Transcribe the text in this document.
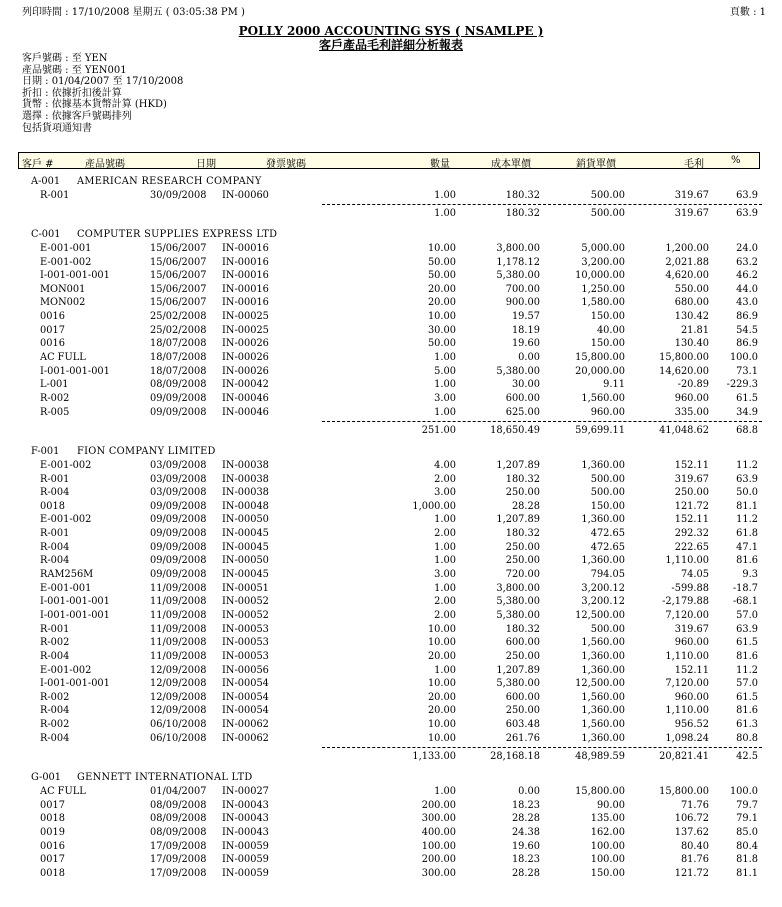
列印時間 : 17/10/2008 星期五 ( 03:05:38 PM )	頁數 : 1
POLLY 2000 ACCOUNTING SYS ( NSAMLPE )
客戶產品毛利詳細分析報表
客戶號碼 : 至 YEN
產品號碼 : 至 YEN001
日期 : 01/04/2007 至 17/10/2008
折扣 : 依據折扣後計算
貨幣 : 依據基本貨幣計算 (HKD)
選擇 : 依據客戶號碼排列
包括貨項通知書
客戶 #	產品號碼	日期	發票號碼	數量	成本單價	銷貨單價	毛利	%
A-001 AMERICAN RESEARCH COMPANY
R-001	30/09/2008 IN-00060	1.00	180.32	500.00	319.67	63.9
1.00	180.32	500.00	319.67	63.9
C-001 COMPUTER SUPPLIES EXPRESS LTD
E-001-001	15/06/2007 IN-00016	10.00	3,800.00	5,000.00	1,200.00	24.0
E-001-002	15/06/2007 IN-00016	50.00	1,178.12	3,200.00	2,021.88	63.2
I-001-001-001	15/06/2007 IN-00016	50.00	5,380.00	10,000.00	4,620.00	46.2
MON001	15/06/2007 IN-00016	20.00	700.00	1,250.00	550.00	44.0
MON002	15/06/2007 IN-00016	20.00	900.00	1,580.00	680.00	43.0
0016	25/02/2008 IN-00025	10.00	19.57	150.00	130.42	86.9
0017	25/02/2008 IN-00025	30.00	18.19	40.00	21.81	54.5
0016	18/07/2008 IN-00026	50.00	19.60	150.00	130.40	86.9
AC FULL	18/07/2008 IN-00026	1.00	0.00	15,800.00	15,800.00 100.0
I-001-001-001	18/07/2008 IN-00026	5.00	5,380.00	20,000.00	14,620.00	73.1
L-001	08/09/2008 IN-00042	1.00	30.00	9.11	-20.89 -229.3
R-002	09/09/2008 IN-00046	3.00	600.00	1,560.00	960.00	61.5
R-005	09/09/2008 IN-00046	1.00	625.00	960.00	335.00	34.9
251.00	18,650.49	59,699.11	41,048.62	68.8
F-001 FION COMPANY LIMITED
E-001-002	03/09/2008 IN-00038	4.00	1,207.89	1,360.00	152.11	11.2
R-001	03/09/2008 IN-00038	2.00	180.32	500.00	319.67	63.9
R-004	03/09/2008 IN-00038	3.00	250.00	500.00	250.00	50.0
0018	09/09/2008 IN-00048	1,000.00	28.28	150.00	121.72	81.1
E-001-002	09/09/2008 IN-00050	1.00	1,207.89	1,360.00	152.11	11.2
R-001	09/09/2008 IN-00045	2.00	180.32	472.65	292.32	61.8
R-004	09/09/2008 IN-00045	1.00	250.00	472.65	222.65	47.1
R-004	09/09/2008 IN-00050	1.00	250.00	1,360.00	1,110.00	81.6
RAM256M	09/09/2008 IN-00045	3.00	720.00	794.05	74.05	9.3
E-001-001	11/09/2008 IN-00051	1.00	3,800.00	3,200.12	-599.88 -18.7
I-001-001-001	11/09/2008 IN-00052	2.00	5,380.00	3,200.12	-2,179.88 -68.1
I-001-001-001	11/09/2008 IN-00052	2.00	5,380.00	12,500.00	7,120.00	57.0
R-001	11/09/2008 IN-00053	10.00	180.32	500.00	319.67	63.9
R-002	11/09/2008 IN-00053	10.00	600.00	1,560.00	960.00	61.5
R-004	11/09/2008 IN-00053	20.00	250.00	1,360.00	1,110.00	81.6
E-001-002	12/09/2008 IN-00056	1.00	1,207.89	1,360.00	152.11	11.2
I-001-001-001	12/09/2008 IN-00054	10.00	5,380.00	12,500.00	7,120.00	57.0
R-002	12/09/2008 IN-00054	20.00	600.00	1,560.00	960.00	61.5
R-004	12/09/2008 IN-00054	20.00	250.00	1,360.00	1,110.00	81.6
R-002	06/10/2008 IN-00062	10.00	603.48	1,560.00	956.52	61.3
R-004	06/10/2008 IN-00062	10.00	261.76	1,360.00	1,098.24	80.8
1,133.00	28,168.18	48,989.59	20,821.41	42.5
G-001 GENNETT INTERNATIONAL LTD
AC FULL	01/04/2007 IN-00027	1.00	0.00	15,800.00	15,800.00 100.0
0017	08/09/2008 IN-00043	200.00	18.23	90.00	71.76	79.7
0018	08/09/2008 IN-00043	300.00	28.28	135.00	106.72	79.1
0019	08/09/2008 IN-00043	400.00	24.38	162.00	137.62	85.0
0016	17/09/2008 IN-00059	100.00	19.60	100.00	80.40	80.4
0017	17/09/2008 IN-00059	200.00	18.23	100.00	81.76	81.8
0018	17/09/2008 IN-00059	300.00	28.28	150.00	121.72	81.1
